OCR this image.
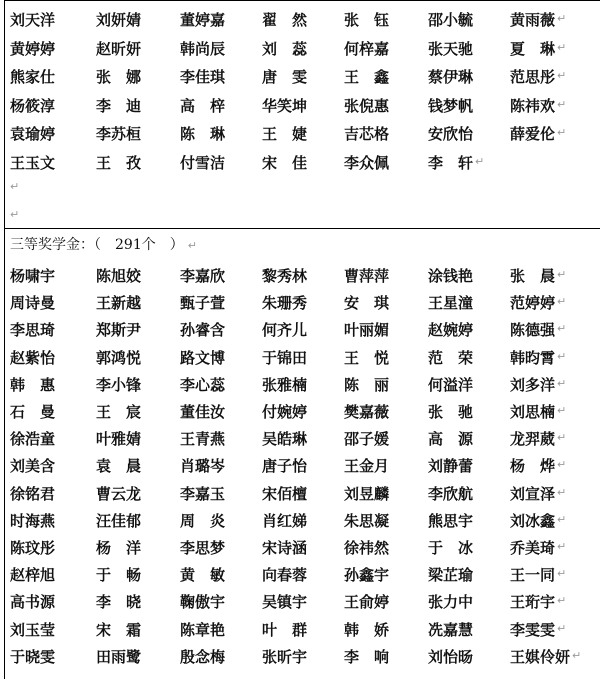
刘天洋	刘妍婧	董婷嘉 翟　然 张　钰	邵小毓 黄雨薇 ↵
黄婷婷	赵昕妍	韩尚辰 刘　蕊 何梓嘉	张天驰 夏　琳 ↵
熊家仕	张　娜	李佳琪 唐　雯 王　鑫	蔡伊琳 范思彤 ↵
杨筱淳	李　迪	高　梓 华笑坤 张倪惠	钱梦帆 陈祎欢 ↵
袁瑜婷	李苏桓	陈　琳 王　婕 吉芯格	安欣怡 薛爱伦 ↵
王玉文	王　孜	付雪洁 宋　佳 李众佩	李　轩 ↵
↵
↵
三等奖学金：（　291个　） ↵
杨啸宇	陈旭姣	李嘉欣 黎秀林 曹萍萍	涂钱艳 张　晨 ↵
周诗曼	王新越	甄子萱 朱珊秀 安　琪	王星潼 范婷婷 ↵
李思琦	郑斯尹	孙睿含 何齐儿 叶丽媚	赵婉婷 陈德强 ↵
赵紫怡	郭鸿悦	路文博 于锦田 王　悦	范　荣 韩昀霄 ↵
韩　惠	李小锋	李心蕊 张雅楠 陈　丽	何溢洋 刘多洋 ↵
石　曼	王　宸	董佳汝 付婉婷 樊嘉薇	张　驰 刘思楠 ↵
徐浩童	叶雅婧	王青燕 吴皓琳 邵子媛	高　源 龙羿葳 ↵
刘美含	袁　晨	肖璐岑 唐子怡 王金月	刘静蕾 杨　烨 ↵
徐铭君	曹云龙	李嘉玉 宋佰檀 刘昱麟	李欣航 刘宣泽 ↵
时海燕	汪佳郁	周　炎 肖红娣 朱思凝	熊思宇 刘冰鑫 ↵
陈玟彤	杨　洋	李思梦 宋诗涵 徐祎然	于　冰 乔美琦 ↵
赵梓旭	于　畅	黄　敏 向春蓉 孙鑫宇	梁芷瑜 王一同 ↵
高书源	李　晓	鞠傲宇 吴镇宇 王俞婷	张力中 王珩宇 ↵
刘玉莹	宋　霜	陈章艳 叶　群 韩　娇	冼嘉慧 李雯雯 ↵
于晓雯	田雨鹭	殷念梅 张昕宇 李　响	刘怡旸 王娸伶妍 ↵
